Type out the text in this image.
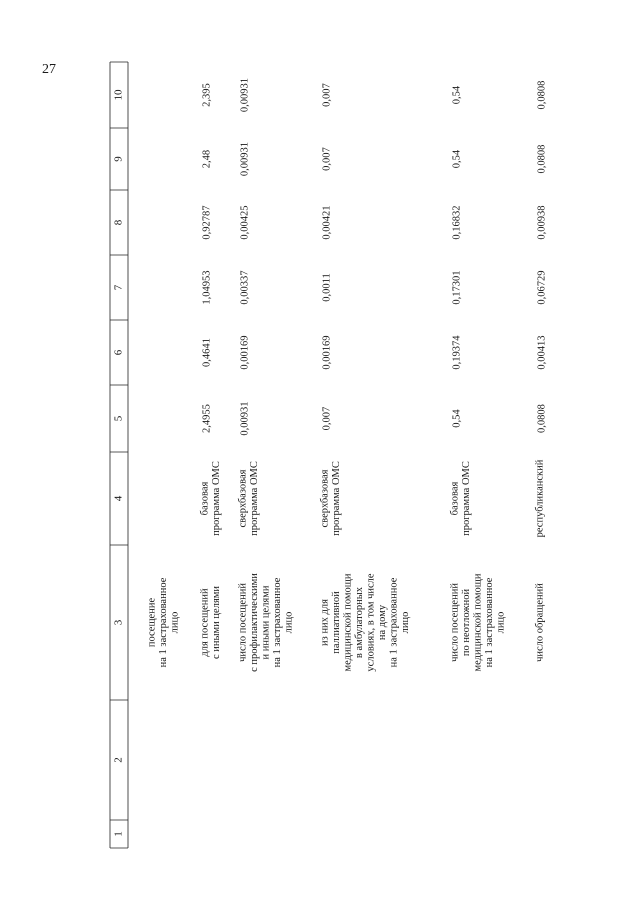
27
1
2
3
4
5
6
7
8
9
10
посещение на 1 застрахованное лицо для посещений с иными целями
базовая программа ОМС
2,4955
0,4641
1,04953
0,92787
2,48
2,395
число посещений с профилактическими и иными целями на 1 застрахованное лицо
сверхбазовая программа ОМС
0,00931
0,00169
0,00337
0,00425
0,00931
0,00931
из них для паллиативной медицинской помощи в амбулаторных условиях, в том числе на дому на 1 застрахованное лицо
сверхбазовая программа ОМС
0,007
0,00169
0,0011
0,00421
0,007
0,007
число посещений по неотложной медицинской помощи на 1 застрахованное лицо
базовая программа ОМС
0,54
0,19374
0,17301
0,16832
0,54
0,54
число обращений
республиканский
0,0808
0,00413
0,06729
0,00938
0,0808
0,0808
